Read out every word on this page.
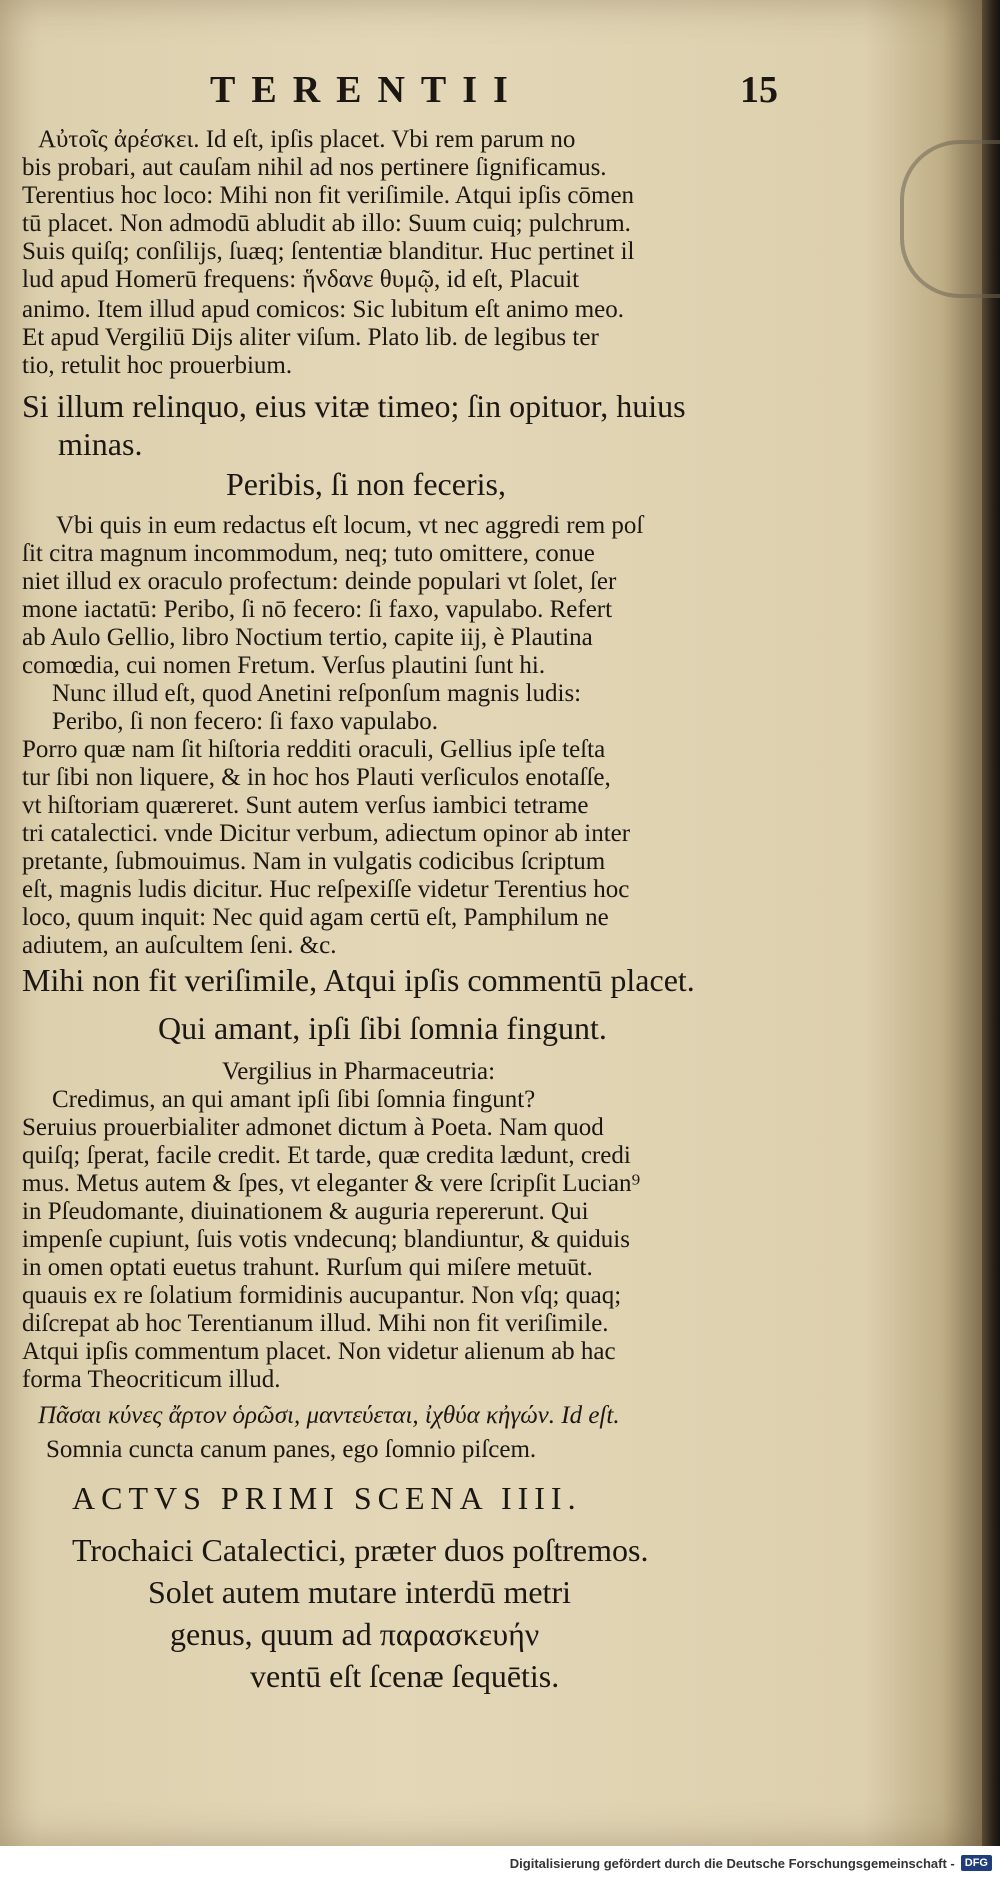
TERENTII	15
Αὐτοῖς ἀρέσκει. Id eſt, ipſis placet. Vbi rem parum no
bis probari, aut cauſam nihil ad nos pertinere ſignificamus.
Terentius hoc loco: Mihi non fit veriſimile. Atqui ipſis cōmen
tū placet. Non admodū abludit ab illo: Suum cuiq; pulchrum.
Suis quiſq; conſilijs, ſuæq; ſententiæ blanditur. Huc pertinet il
lud apud Homerū frequens: ἥνδανε θυμῷ, id eſt, Placuit
animo. Item illud apud comicos: Sic lubitum eſt animo meo.
Et apud Vergiliū Dijs aliter viſum. Plato lib. de legibus ter
tio, retulit hoc prouerbium.
Si illum relinquo, eius vitæ timeo; ſin opituor, huius
minas.
Peribis, ſi non feceris,
Vbi quis in eum redactus eſt locum, vt nec aggredi rem poſ
ſit citra magnum incommodum, neq; tuto omittere, conue
niet illud ex oraculo profectum: deinde populari vt ſolet, ſer
mone iactatū: Peribo, ſi nō fecero: ſi faxo, vapulabo. Refert
ab Aulo Gellio, libro Noctium tertio, capite iij, è Plautina
comœdia, cui nomen Fretum. Verſus plautini ſunt hi.
Nunc illud eſt, quod Anetini reſponſum magnis ludis:
Peribo, ſi non fecero: ſi faxo vapulabo.
Porro quæ nam ſit hiſtoria redditi oraculi, Gellius ipſe teſta
tur ſibi non liquere, & in hoc hos Plauti verſiculos enotaſſe,
vt hiſtoriam quæreret. Sunt autem verſus iambici tetrame
tri catalectici. vnde Dicitur verbum, adiectum opinor ab inter
pretante, ſubmouimus. Nam in vulgatis codicibus ſcriptum
eſt, magnis ludis dicitur. Huc reſpexiſſe videtur Terentius hoc
loco, quum inquit: Nec quid agam certū eſt, Pamphilum ne
adiutem, an auſcultem ſeni. &c.
Mihi non fit veriſimile, Atqui ipſis commentū placet.
Qui amant, ipſi ſibi ſomnia fingunt.
Vergilius in Pharmaceutria:
Credimus, an qui amant ipſi ſibi ſomnia fingunt?
Seruius prouerbialiter admonet dictum à Poeta. Nam quod
quiſq; ſperat, facile credit. Et tarde, quæ credita lædunt, credi
mus. Metus autem & ſpes, vt eleganter & vere ſcripſit Lucian⁹
in Pſeudomante, diuinationem & auguria repererunt. Qui
impenſe cupiunt, ſuis votis vndecunq; blandiuntur, & quiduis
in omen optati euetus trahunt. Rurſum qui miſere metuūt.
quauis ex re ſolatium formidinis aucupantur. Non vſq; quaq;
diſcrepat ab hoc Terentianum illud. Mihi non fit veriſimile.
Atqui ipſis commentum placet. Non videtur alienum ab hac
forma Theocriticum illud.
Πᾶσαι κύνες ἄρτον ὁρῶσι, μαντεύεται, ἰχθύα κἠγών. Id eſt.
Somnia cuncta canum panes, ego ſomnio piſcem.
ACTVS PRIMI SCENA IIII.
Trochaici Catalectici, præter duos poſtremos.
Solet autem mutare interdū metri
genus, quum ad παρασκευήν
ventū eſt ſcenæ ſequētis.
Digitalisierung gefördert durch die Deutsche Forschungsgemeinschaft - DFG
